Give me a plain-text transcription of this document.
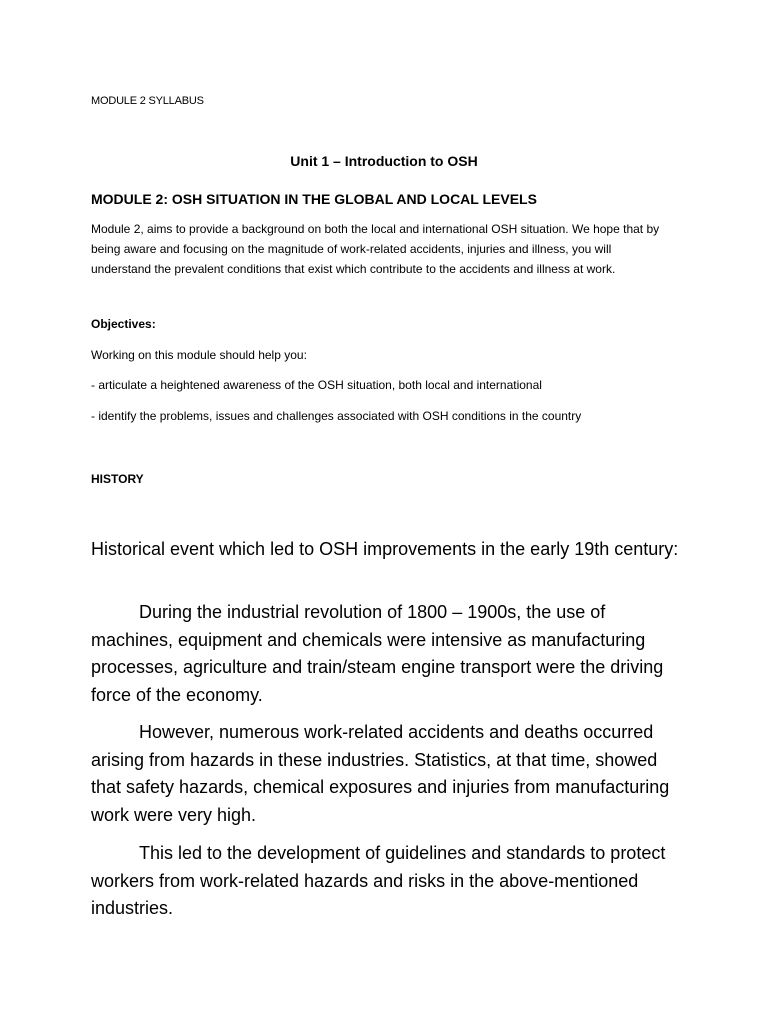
MODULE 2 SYLLABUS

Unit 1 – Introduction to OSH

MODULE 2: OSH SITUATION IN THE GLOBAL AND LOCAL LEVELS

Module 2, aims to provide a background on both the local and international OSH situation. We hope that by being aware and focusing on the magnitude of work-related accidents, injuries and illness, you will understand the prevalent conditions that exist which contribute to the accidents and illness at work.

Objectives:

Working on this module should help you:

- articulate a heightened awareness of the OSH situation, both local and international

- identify the problems, issues and challenges associated with OSH conditions in the country

HISTORY

Historical event which led to OSH improvements in the early 19th century:

During the industrial revolution of 1800 – 1900s, the use of machines, equipment and chemicals were intensive as manufacturing processes, agriculture and train/steam engine transport were the driving force of the economy.

However, numerous work-related accidents and deaths occurred arising from hazards in these industries. Statistics, at that time, showed that safety hazards, chemical exposures and injuries from manufacturing work were very high.

This led to the development of guidelines and standards to protect workers from work-related hazards and risks in the above-mentioned industries.
